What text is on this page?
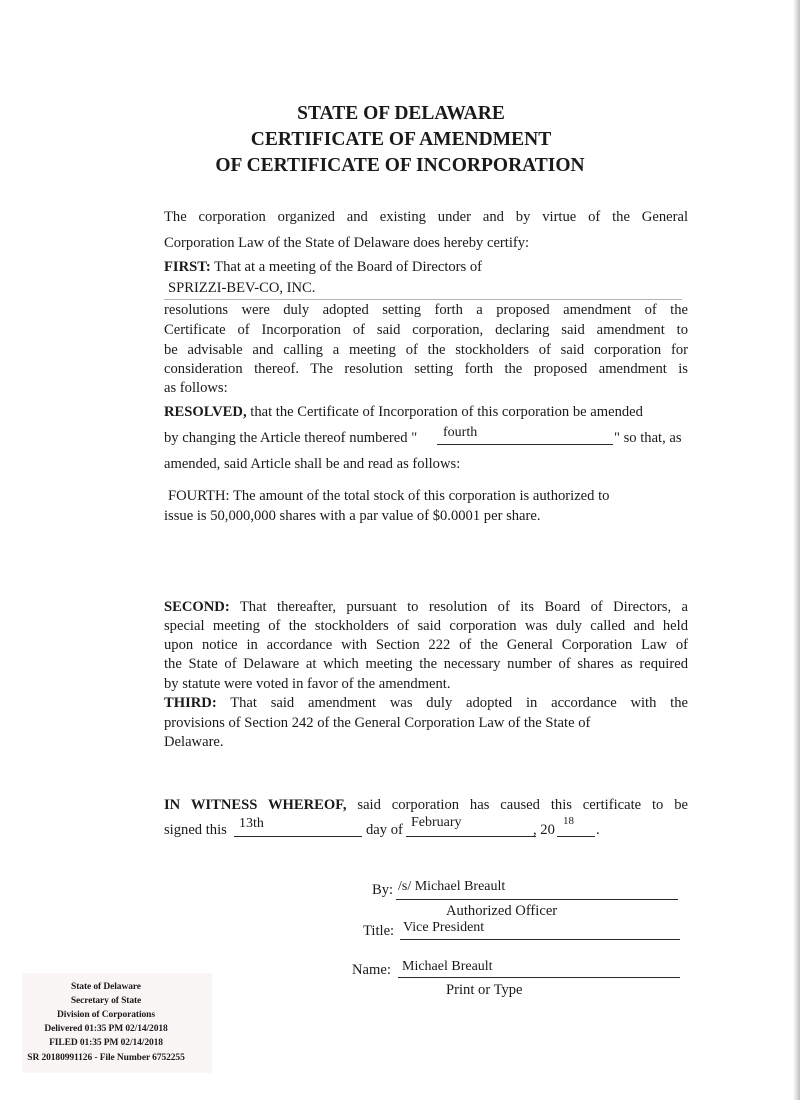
STATE OF DELAWARE
CERTIFICATE OF AMENDMENT
OF CERTIFICATE OF INCORPORATION
The corporation organized and existing under and by virtue of the General
Corporation Law of the State of Delaware does hereby certify:
FIRST: That at a meeting of the Board of Directors of
SPRIZZI-BEV-CO, INC.
resolutions were duly adopted setting forth a proposed amendment of the
Certificate of Incorporation of said corporation, declaring said amendment to
be advisable and calling a meeting of the stockholders of said corporation for
consideration thereof. The resolution setting forth the proposed amendment is
as follows:
RESOLVED, that the Certificate of Incorporation of this corporation be amended
by changing the Article thereof numbered " fourth	" so that, as
amended, said Article shall be and read as follows:
FOURTH: The amount of the total stock of this corporation is authorized to
issue is 50,000,000 shares with a par value of $0.0001 per share.
SECOND: That thereafter, pursuant to resolution of its Board of Directors, a
special meeting of the stockholders of said corporation was duly called and held
upon notice in accordance with Section 222 of the General Corporation Law of
the State of Delaware at which meeting the necessary number of shares as required
by statute were voted in favor of the amendment.
THIRD: That said amendment was duly adopted in accordance with the
provisions of Section 242 of the General Corporation Law of the State of
Delaware.
IN WITNESS WHEREOF, said corporation has caused this certificate to be
signed this 13th	day of February	, 20
18
.
By: /s/ Michael Breault
Authorized Officer
Title: Vice President
Name: Michael Breault
Print or Type
State of Delaware
Secretary of State
Division of Corporations
Delivered 01:35 PM 02/14/2018
FILED 01:35 PM 02/14/2018
SR 20180991126 - File Number 6752255
